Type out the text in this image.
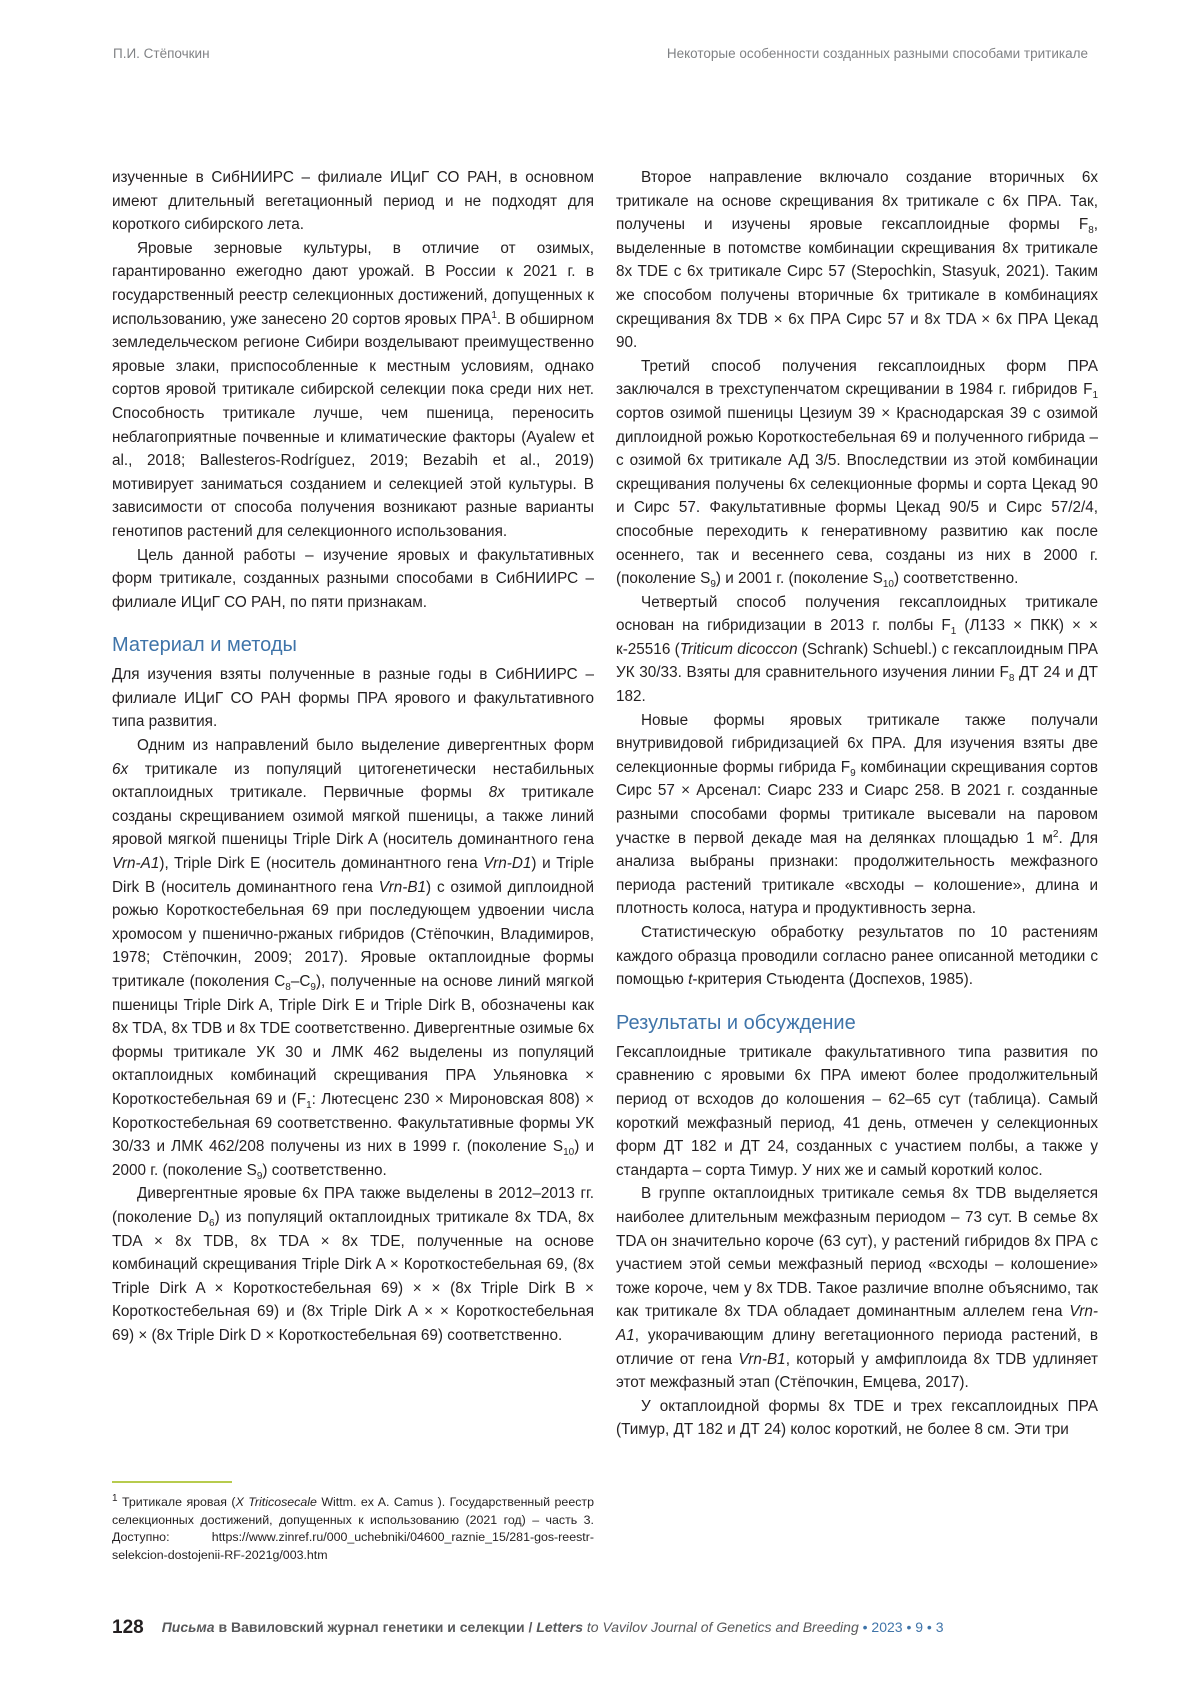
П.И. Стёпочкин	Некоторые особенности созданных разными способами тритикале

изученные в СибНИИРС – филиале ИЦиГ СО РАН, в основном имеют длительный вегетационный период и не подходят для короткого сибирского лета.

Яровые зерновые культуры, в отличие от озимых, гарантированно ежегодно дают урожай. В России к 2021 г. в государственный реестр селекционных достижений, допущенных к использованию, уже занесено 20 сортов яровых ПРА$^1$. В обширном земледельческом регионе Сибири возделывают преимущественно яровые злаки, приспособленные к местным условиям, однако сортов яровой тритикале сибирской селекции пока среди них нет. Способность тритикале лучше, чем пшеница, переносить неблагоприятные почвенные и климатические факторы (Ayalew et al., 2018; Ballesteros-Rodríguez, 2019; Bezabih et al., 2019) мотивирует заниматься созданием и селекцией этой культуры. В зависимости от способа получения возникают разные варианты генотипов растений для селекционного использования.

Цель данной работы – изучение яровых и факультативных форм тритикале, созданных разными способами в СибНИИРС – филиале ИЦиГ СО РАН, по пяти признакам.

Материал и методы

Для изучения взяты полученные в разные годы в СибНИИРС – филиале ИЦиГ СО РАН формы ПРА ярового и факультативного типа развития.

Одним из направлений было выделение дивергентных форм 6x тритикале из популяций цитогенетически нестабильных октаплоидных тритикале. Первичные формы 8x тритикале созданы скрещиванием озимой мягкой пшеницы, а также линий яровой мягкой пшеницы Triple Dirk A (носитель доминантного гена Vrn-A1), Triple Dirk E (носитель доминантного гена Vrn-D1) и Triple Dirk B (носитель доминантного гена Vrn-B1) с озимой диплоидной рожью Короткостебельная 69 при последующем удвоении числа хромосом у пшенично-ржаных гибридов (Стёпочкин, Владимиров, 1978; Стёпочкин, 2009; 2017). Яровые октаплоидные формы тритикале (поколения $C_8-C_9$), полученные на основе линий мягкой пшеницы Triple Dirk A, Triple Dirk E и Triple Dirk B, обозначены как 8x TDA, 8x TDB и 8x TDE соответственно. Дивергентные озимые 6x формы тритикале УК 30 и ЛМК 462 выделены из популяций октаплоидных комбинаций скрещивания ПРА Ульяновка × Короткостебельная 69 и ($F_1$: Лютесценс 230 × Мироновская 808) × Короткостебельная 69 соответственно. Факультативные формы УК 30/33 и ЛМК 462/208 получены из них в 1999 г. (поколение $S_{10}$) и 2000 г. (поколение $S_9$) соответственно.

Дивергентные яровые 6x ПРА также выделены в 2012–2013 гг. (поколение $D_6$) из популяций октаплоидных тритикале 8x TDA, 8x TDA × 8x TDB, 8x TDA × 8x TDE, полученные на основе комбинаций скрещивания Triple Dirk A × Короткостебельная 69, (8x Triple Dirk A × Короткостебельная 69) × × (8x Triple Dirk B × Короткостебельная 69) и (8x Triple Dirk A × × Короткостебельная 69) × (8x Triple Dirk D × Короткостебельная 69) соответственно.

Второе направление включало создание вторичных 6x тритикале на основе скрещивания 8x тритикале с 6x ПРА. Так, получены и изучены яровые гексаплоидные формы $F_8$, выделенные в потомстве комбинации скрещивания 8x тритикале 8x TDE с 6x тритикале Сирс 57 (Stepochkin, Stasyuk, 2021). Таким же способом получены вторичные 6x тритикале в комбинациях скрещивания 8x TDB × 6x ПРА Сирс 57 и 8x TDA × 6x ПРА Цекад 90.

Третий способ получения гексаплоидных форм ПРА заключался в трехступенчатом скрещивании в 1984 г. гибридов $F_1$ сортов озимой пшеницы Цезиум 39 × Краснодарская 39 с озимой диплоидной рожью Короткостебельная 69 и полученного гибрида – с озимой 6x тритикале АД 3/5. Впоследствии из этой комбинации скрещивания получены 6x селекционные формы и сорта Цекад 90 и Сирс 57. Факультативные формы Цекад 90/5 и Сирс 57/2/4, способные переходить к генеративному развитию как после осеннего, так и весеннего сева, созданы из них в 2000 г. (поколение $S_9$) и 2001 г. (поколение $S_{10}$) соответственно.

Четвертый способ получения гексаплоидных тритикале основан на гибридизации в 2013 г. полбы $F_1$ (Л133 × ПКК) × × к-25516 (Triticum dicoccon (Schrank) Schuebl.) с гексаплоидным ПРА УК 30/33. Взяты для сравнительного изучения линии $F_8$ ДТ 24 и ДТ 182.

Новые формы яровых тритикале также получали внутривидовой гибридизацией 6x ПРА. Для изучения взяты две селекционные формы гибрида $F_9$ комбинации скрещивания сортов Сирс 57 × Арсенал: Сиарс 233 и Сиарс 258. В 2021 г. созданные разными способами формы тритикале высевали на паровом участке в первой декаде мая на делянках площадью 1 $м^2$. Для анализа выбраны признаки: продолжительность межфазного периода растений тритикале «всходы – колошение», длина и плотность колоса, натура и продуктивность зерна.

Статистическую обработку результатов по 10 растениям каждого образца проводили согласно ранее описанной методики с помощью t-критерия Стьюдента (Доспехов, 1985).

Результаты и обсуждение

Гексаплоидные тритикале факультативного типа развития по сравнению с яровыми 6x ПРА имеют более продолжительный период от всходов до колошения – 62–65 сут (таблица). Самый короткий межфазный период, 41 день, отмечен у селекционных форм ДТ 182 и ДТ 24, созданных с участием полбы, а также у стандарта – сорта Тимур. У них же и самый короткий колос.

В группе октаплоидных тритикале семья 8x TDB выделяется наиболее длительным межфазным периодом – 73 сут. В семье 8x TDA он значительно короче (63 сут), у растений гибридов 8x ПРА с участием этой семьи межфазный период «всходы – колошение» тоже короче, чем у 8x TDB. Такое различие вполне объяснимо, так как тритикале 8x TDA обладает доминантным аллелем гена Vrn-A1, укорачивающим длину вегетационного периода растений, в отличие от гена Vrn-B1, который у амфиплоида 8x TDB удлиняет этот межфазный этап (Стёпочкин, Емцева, 2017).

У октаплоидной формы 8x TDE и трех гексаплоидных ПРА (Тимур, ДТ 182 и ДТ 24) колос короткий, не более 8 см. Эти три

$^1$ Тритикале яровая (X Triticosecale Wittm. ex A. Camus ). Государственный реестр селекционных достижений, допущенных к использованию (2021 год) – часть 3. Доступно: https://www.zinref.ru/000_uchebniki/04600_raznie_15/281-gos-reestr-selekcion-dostojenii-RF-2021g/003.htm
128 Письма в Вавиловский журнал генетики и селекции / Letters to Vavilov Journal of Genetics and Breeding • 2023 • 9 • 3
